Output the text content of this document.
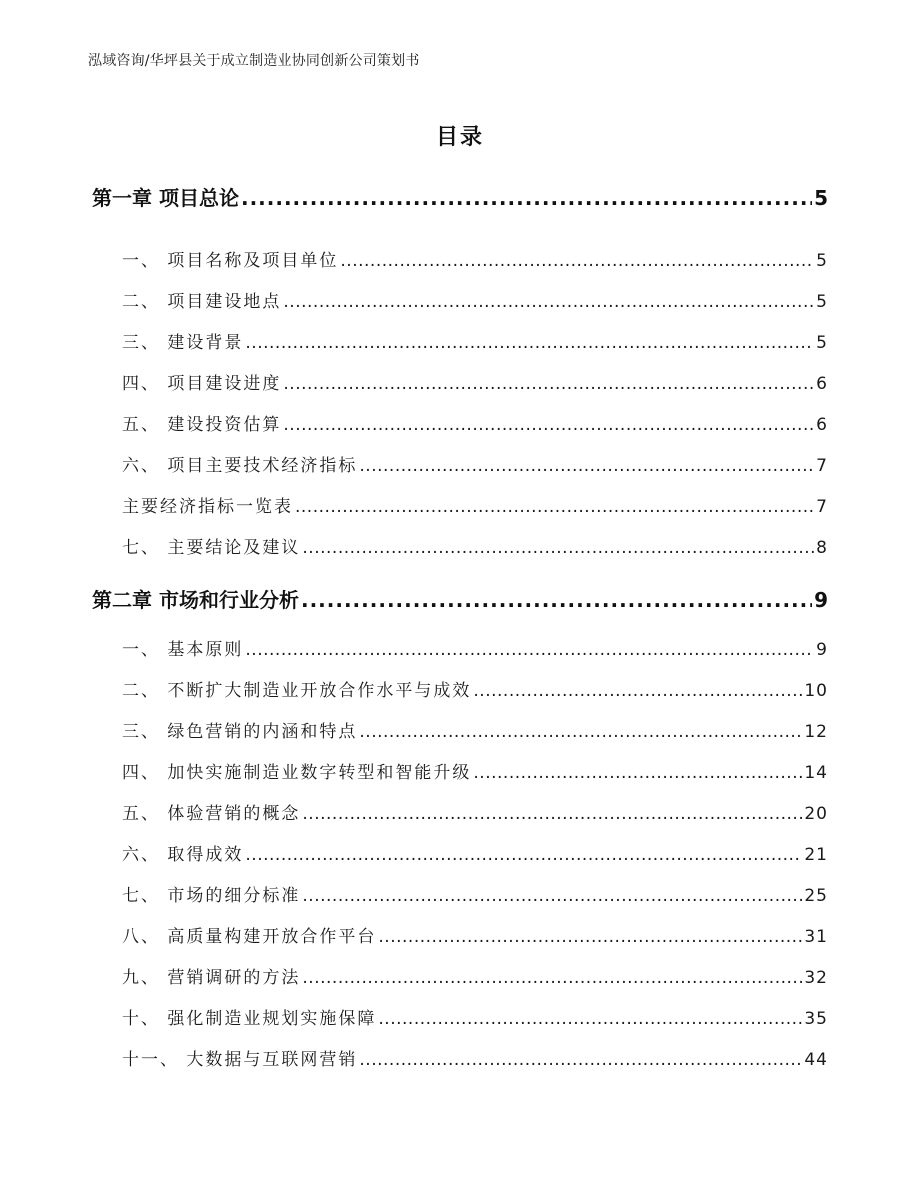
泓域咨询/华坪县关于成立制造业协同创新公司策划书
目录
第一章 项目总论 .....	5
一、 项目名称及项目单位 .....	5
二、 项目建设地点 .....	5
三、 建设背景 .....	5
四、 项目建设进度 .....	6
五、 建设投资估算 .....	6
六、 项目主要技术经济指标 .....	7
主要经济指标一览表 .....	7
七、 主要结论及建议 .....	8
第二章 市场和行业分析 .....	9
一、 基本原则 .....	9
二、 不断扩大制造业开放合作水平与成效 .....	10
三、 绿色营销的内涵和特点 .....	12
四、 加快实施制造业数字转型和智能升级 .....	14
五、 体验营销的概念 .....	20
六、 取得成效 .....	21
七、 市场的细分标准 .....	25
八、 高质量构建开放合作平台 .....	31
九、 营销调研的方法 .....	32
十、 强化制造业规划实施保障 .....	35
十一、 大数据与互联网营销 .....	44
